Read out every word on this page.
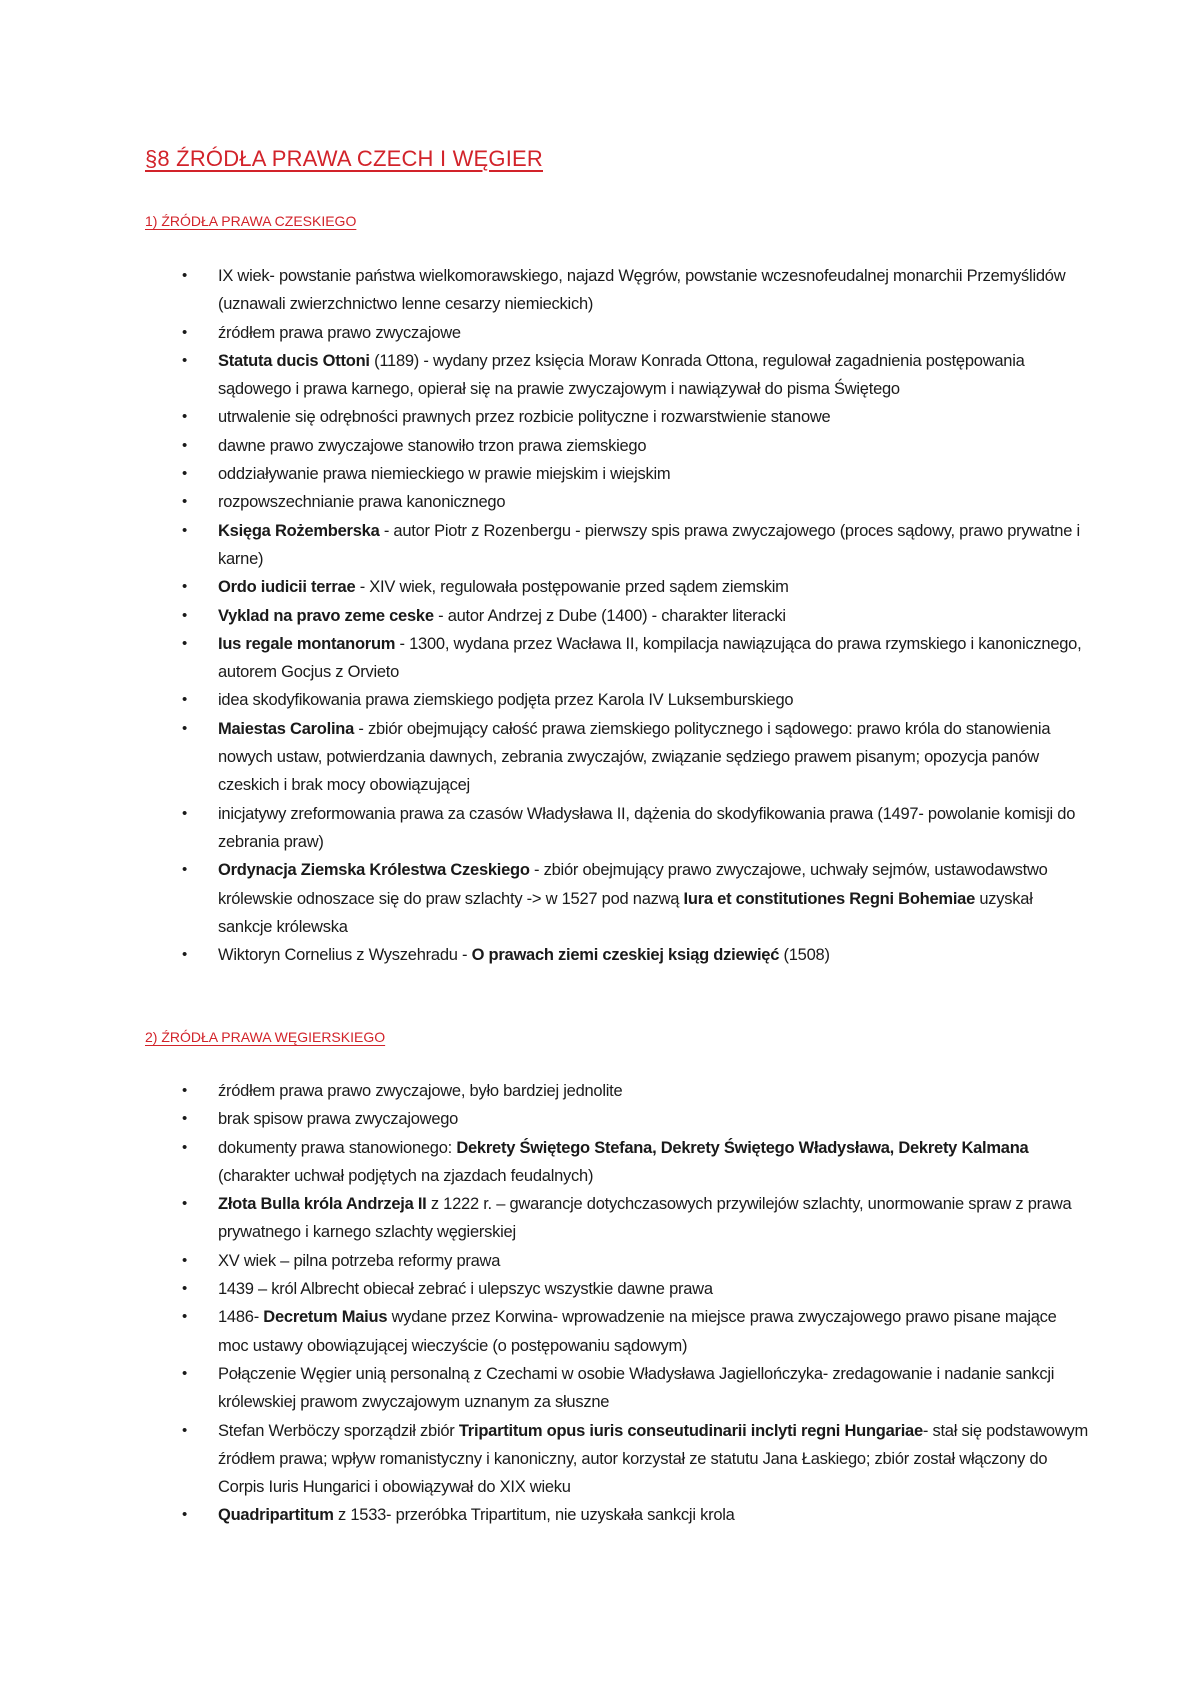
§8 ŹRÓDŁA PRAWA CZECH I WĘGIER
1) ŹRÓDŁA PRAWA CZESKIEGO
• IX wiek- powstanie państwa wielkomorawskiego, najazd Węgrów, powstanie wczesnofeudalnej monarchii Przemyślidów (uznawali zwierzchnictwo lenne cesarzy niemieckich)
• źródłem prawa prawo zwyczajowe
• Statuta ducis Ottoni (1189) - wydany przez księcia Moraw Konrada Ottona, regulował zagadnienia postępowania sądowego i prawa karnego, opierał się na prawie zwyczajowym i nawiązywał do pisma Świętego
• utrwalenie się odrębności prawnych przez rozbicie polityczne i rozwarstwienie stanowe
• dawne prawo zwyczajowe stanowiło trzon prawa ziemskiego
• oddziaływanie prawa niemieckiego w prawie miejskim i wiejskim
• rozpowszechnianie prawa kanonicznego
• Księga Rożemberska - autor Piotr z Rozenbergu - pierwszy spis prawa zwyczajowego (proces sądowy, prawo prywatne i karne)
• Ordo iudicii terrae - XIV wiek, regulowała postępowanie przed sądem ziemskim
• Vyklad na pravo zeme ceske - autor Andrzej z Dube (1400) - charakter literacki
• Ius regale montanorum - 1300, wydana przez Wacława II, kompilacja nawiązująca do prawa rzymskiego i kanonicznego, autorem Gocjus z Orvieto
• idea skodyfikowania prawa ziemskiego podjęta przez Karola IV Luksemburskiego
• Maiestas Carolina - zbiór obejmujący całość prawa ziemskiego politycznego i sądowego: prawo króla do stanowienia nowych ustaw, potwierdzania dawnych, zebrania zwyczajów, związanie sędziego prawem pisanym; opozycja panów czeskich i brak mocy obowiązującej
• inicjatywy zreformowania prawa za czasów Władysława II, dążenia do skodyfikowania prawa (1497- powolanie komisji do zebrania praw)
• Ordynacja Ziemska Królestwa Czeskiego - zbiór obejmujący prawo zwyczajowe, uchwały sejmów, ustawodawstwo królewskie odnoszace się do praw szlachty -> w 1527 pod nazwą Iura et constitutiones Regni Bohemiae uzyskał sankcje królewska
• Wiktoryn Cornelius z Wyszehradu - O prawach ziemi czeskiej ksiąg dziewięć (1508)
2) ŹRÓDŁA PRAWA WĘGIERSKIEGO
• źródłem prawa prawo zwyczajowe, było bardziej jednolite
• brak spisow prawa zwyczajowego
• dokumenty prawa stanowionego: Dekrety Świętego Stefana, Dekrety Świętego Władysława, Dekrety Kalmana (charakter uchwał podjętych na zjazdach feudalnych)
• Złota Bulla króla Andrzeja II z 1222 r. – gwarancje dotychczasowych przywilejów szlachty, unormowanie spraw z prawa prywatnego i karnego szlachty węgierskiej
• XV wiek – pilna potrzeba reformy prawa
• 1439 – król Albrecht obiecał zebrać i ulepszyc wszystkie dawne prawa
• 1486- Decretum Maius wydane przez Korwina- wprowadzenie na miejsce prawa zwyczajowego prawo pisane mające moc ustawy obowiązującej wieczyście (o postępowaniu sądowym)
• Połączenie Węgier unią personalną z Czechami w osobie Władysława Jagiellończyka- zredagowanie i nadanie sankcji królewskiej prawom zwyczajowym uznanym za słuszne
• Stefan Werböczy sporządził zbiór Tripartitum opus iuris conseutudinarii inclyti regni Hungariae- stał się podstawowym źródłem prawa; wpływ romanistyczny i kanoniczny, autor korzystał ze statutu Jana Łaskiego; zbiór został włączony do Corpis Iuris Hungarici i obowiązywał do XIX wieku
• Quadripartitum z 1533- przeróbka Tripartitum, nie uzyskała sankcji krola
